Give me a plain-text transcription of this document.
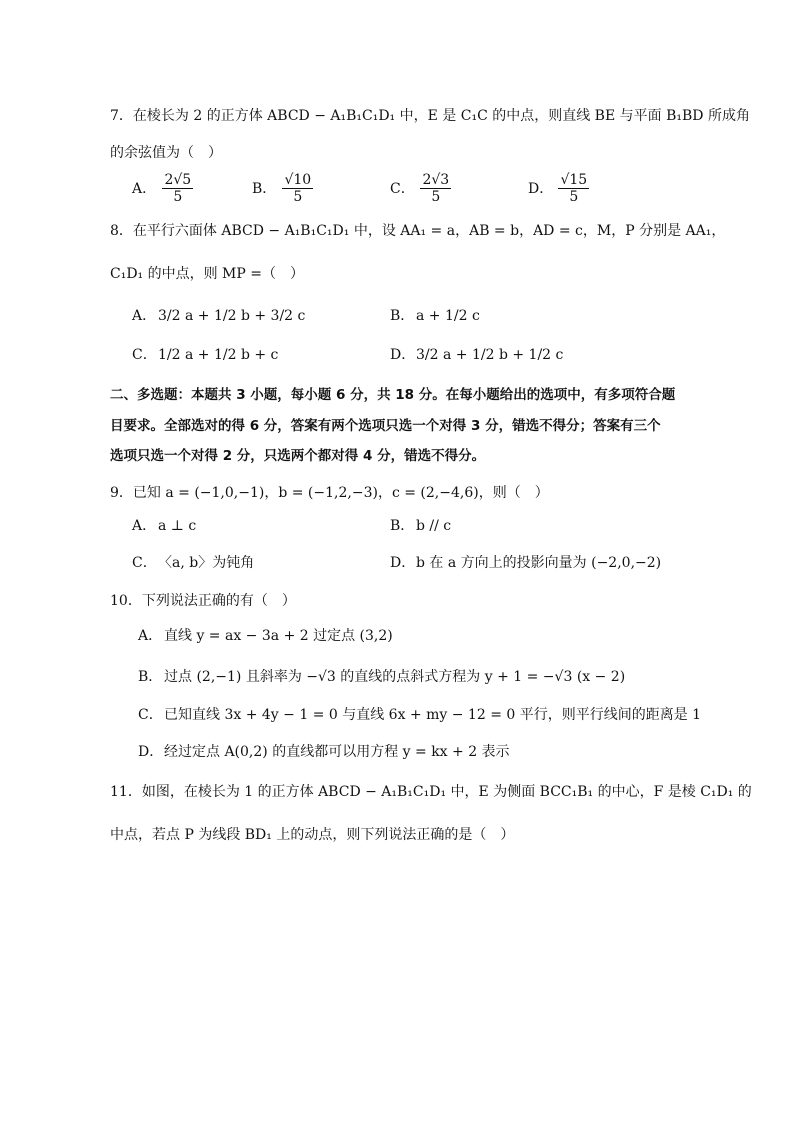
7．在棱长为 2 的正方体 ABCD − A₁B₁C₁D₁ 中，E 是 C₁C 的中点，则直线 BE 与平面 B₁BD 所成角
的余弦值为（　）
A． $\frac{2√5}{5}$	B． $\frac{√10}{5}$	C． $\frac{2√3}{5}$	D． $\frac{√15}{5}$
8．在平行六面体 ABCD − A₁B₁C₁D₁ 中，设 AA₁ = a，AB = b，AD = c，M，P 分别是 AA₁，
C₁D₁ 的中点，则 MP =（　）
A． 3/2 a + 1/2 b + 3/2 c	B． a + 1/2 c
C．1/2 a + 1/2 b + c	D．3/2 a + 1/2 b + 1/2 c
二、多选题：本题共 3 小题，每小题 6 分，共 18 分。在每小题给出的选项中，有多项符合题
目要求。全部选对的得 6 分，答案有两个选项只选一个对得 3 分，错选不得分；答案有三个
选项只选一个对得 2 分，只选两个都对得 4 分，错选不得分。
9．已知 a = (−1,0,−1)，b = (−1,2,−3)，c = (2,−4,6)，则（　）
A． a ⊥ c	B． b // c
C．〈a, b〉为钝角	D．b 在 a 方向上的投影向量为 (−2,0,−2)
10．下列说法正确的有（　）
A． 直线 y = ax − 3a + 2 过定点 (3,2)
B． 过点 (2,−1) 且斜率为 −√3 的直线的点斜式方程为 y + 1 = −√3 (x − 2)
C．已知直线 3x + 4y − 1 = 0 与直线 6x + my − 12 = 0 平行，则平行线间的距离是 1
D．经过定点 A(0,2) 的直线都可以用方程 y = kx + 2 表示
11．如图，在棱长为 1 的正方体 ABCD − A₁B₁C₁D₁ 中，E 为侧面 BCC₁B₁ 的中心，F 是棱 C₁D₁ 的
中点，若点 P 为线段 BD₁ 上的动点，则下列说法正确的是（　）
